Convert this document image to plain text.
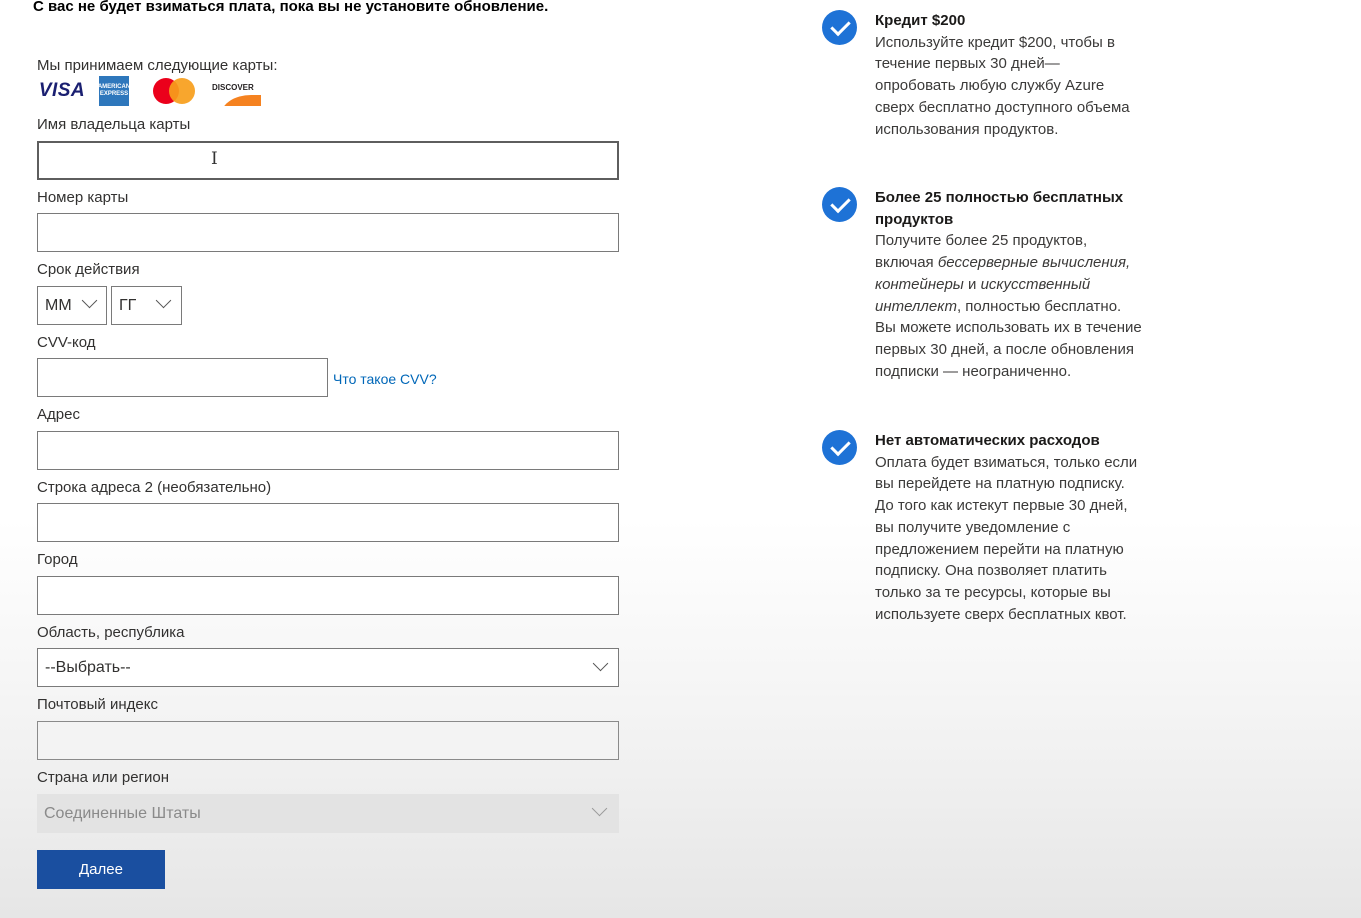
С вас не будет взиматься плата, пока вы не установите обновление.
Мы принимаем следующие карты:
VISA	AMERICAN EXPRESS
DISCOVER
Имя владельца карты
I
Номер карты
Срок действия
MM	ГГ
CVV-код
Что такое CVV?
Адрес
Строка адреса 2 (необязательно)
Город
Область, республика
--Выбрать--
Почтовый индекс
Страна или регион
Соединенные Штаты
Далее
Кредит $200
Используйте кредит $200, чтобы в течение первых 30 дней— опробовать любую службу Azure сверх бесплатно доступного объема использования продуктов.
Более 25 полностью бесплатных продуктов
Получите более 25 продуктов, включая бессерверные вычисления, контейнеры и искусственный интеллект, полностью бесплатно. Вы можете использовать их в течение первых 30 дней, а после обновления подписки — неограниченно.
Нет автоматических расходов
Оплата будет взиматься, только если вы перейдете на платную подписку. До того как истекут первые 30 дней, вы получите уведомление с предложением перейти на платную подписку. Она позволяет платить только за те ресурсы, которые вы используете сверх бесплатных квот.
